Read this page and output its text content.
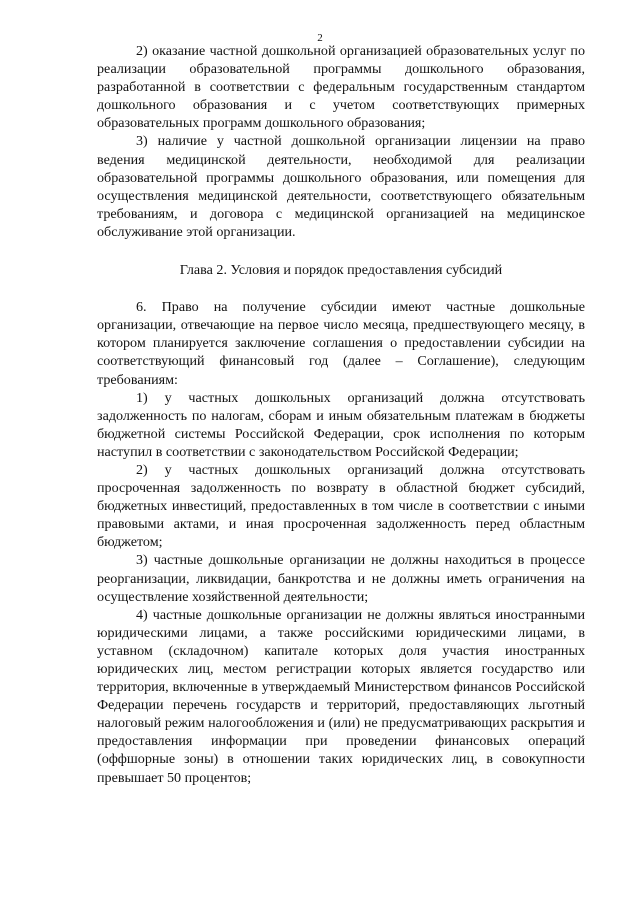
2

2) оказание частной дошкольной организацией образовательных услуг по реализации образовательной программы дошкольного образования, разработанной в соответствии с федеральным государственным стандартом дошкольного образования и с учетом соответствующих примерных образовательных программ дошкольного образования;

3) наличие у частной дошкольной организации лицензии на право ведения медицинской деятельности, необходимой для реализации образовательной программы дошкольного образования, или помещения для осуществления медицинской деятельности, соответствующего обязательным требованиям, и договора с медицинской организацией на медицинское обслуживание этой организации.

Глава 2. Условия и порядок предоставления субсидий

6. Право на получение субсидии имеют частные дошкольные организации, отвечающие на первое число месяца, предшествующего месяцу, в котором планируется заключение соглашения о предоставлении субсидии на соответствующий финансовый год (далее – Соглашение), следующим требованиям:

1) у частных дошкольных организаций должна отсутствовать задолженность по налогам, сборам и иным обязательным платежам в бюджеты бюджетной системы Российской Федерации, срок исполнения по которым наступил в соответствии с законодательством Российской Федерации;

2) у частных дошкольных организаций должна отсутствовать просроченная задолженность по возврату в областной бюджет субсидий, бюджетных инвестиций, предоставленных в том числе в соответствии с иными правовыми актами, и иная просроченная задолженность перед областным бюджетом;

3) частные дошкольные организации не должны находиться в процессе реорганизации, ликвидации, банкротства и не должны иметь ограничения на осуществление хозяйственной деятельности;

4) частные дошкольные организации не должны являться иностранными юридическими лицами, а также российскими юридическими лицами, в уставном (складочном) капитале которых доля участия иностранных юридических лиц, местом регистрации которых является государство или территория, включенные в утверждаемый Министерством финансов Российской Федерации перечень государств и территорий, предоставляющих льготный налоговый режим налогообложения и (или) не предусматривающих раскрытия и предоставления информации при проведении финансовых операций (оффшорные зоны) в отношении таких юридических лиц, в совокупности превышает 50 процентов;
